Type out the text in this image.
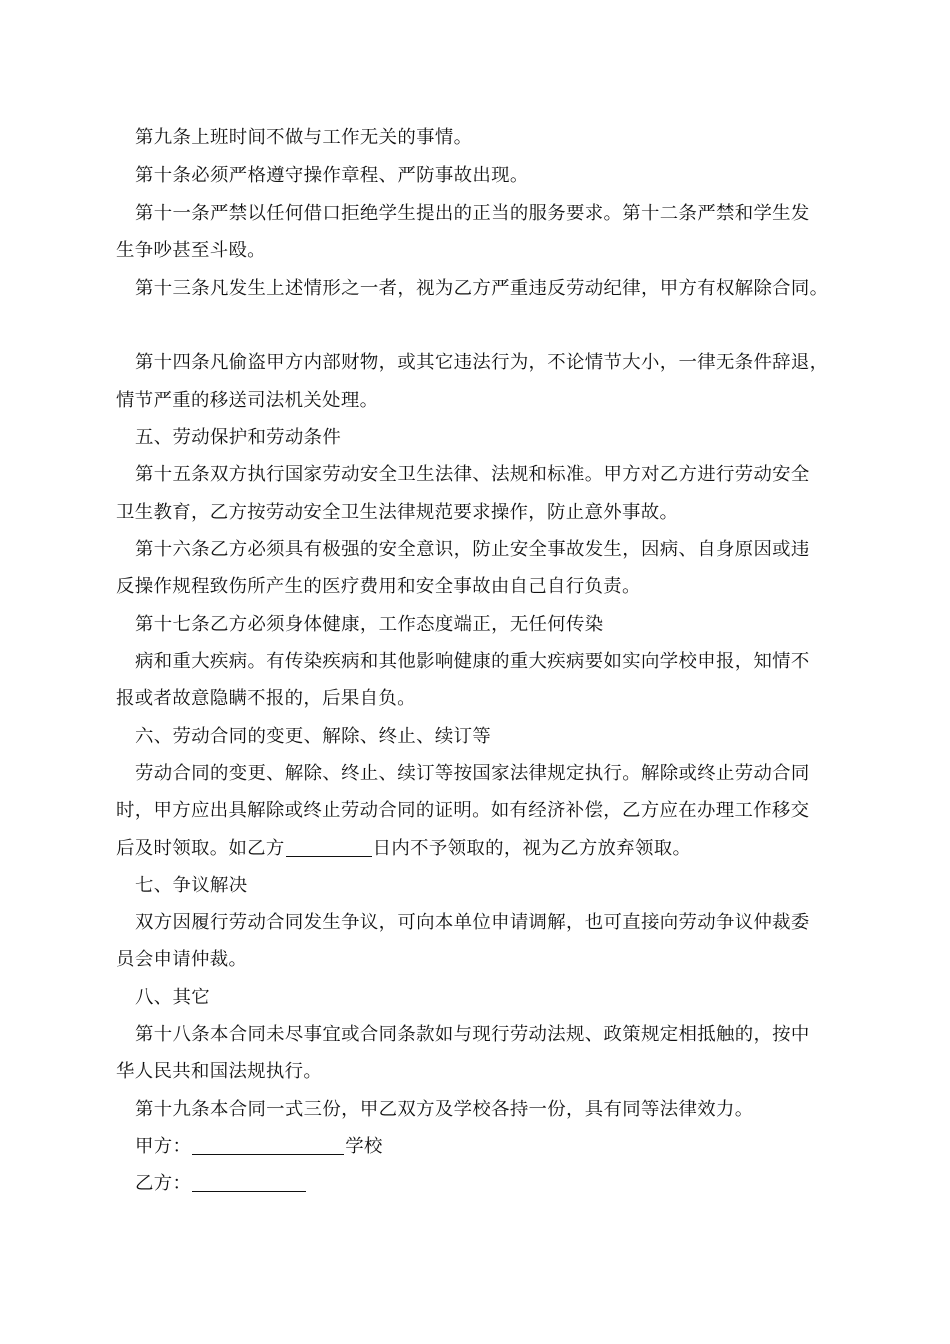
第九条上班时间不做与工作无关的事情。
第十条必须严格遵守操作章程、严防事故出现。
第十一条严禁以任何借口拒绝学生提出的正当的服务要求。第十二条严禁和学生发
生争吵甚至斗殴。
第十三条凡发生上述情形之一者，视为乙方严重违反劳动纪律，甲方有权解除合同。
第十四条凡偷盗甲方内部财物，或其它违法行为，不论情节大小，一律无条件辞退，
情节严重的移送司法机关处理。
五、劳动保护和劳动条件
第十五条双方执行国家劳动安全卫生法律、法规和标准。甲方对乙方进行劳动安全
卫生教育，乙方按劳动安全卫生法律规范要求操作，防止意外事故。
第十六条乙方必须具有极强的安全意识，防止安全事故发生，因病、自身原因或违
反操作规程致伤所产生的医疗费用和安全事故由自己自行负责。
第十七条乙方必须身体健康，工作态度端正，无任何传染
病和重大疾病。有传染疾病和其他影响健康的重大疾病要如实向学校申报，知情不
报或者故意隐瞒不报的，后果自负。
六、劳动合同的变更、解除、终止、续订等
劳动合同的变更、解除、终止、续订等按国家法律规定执行。解除或终止劳动合同
时，甲方应出具解除或终止劳动合同的证明。如有经济补偿，乙方应在办理工作移交
后及时领取。如乙方	日内不予领取的，视为乙方放弃领取。
七、争议解决
双方因履行劳动合同发生争议，可向本单位申请调解，也可直接向劳动争议仲裁委
员会申请仲裁。
八、其它
第十八条本合同未尽事宜或合同条款如与现行劳动法规、政策规定相抵触的，按中
华人民共和国法规执行。
第十九条本合同一式三份，甲乙双方及学校各持一份，具有同等法律效力。
甲方：	学校
乙方：
